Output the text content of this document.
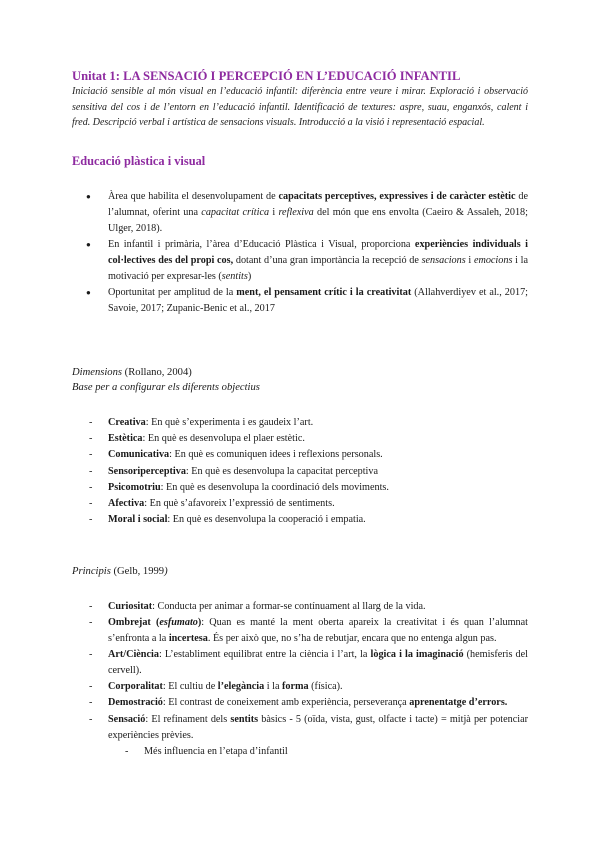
Unitat 1: LA SENSACIÓ I PERCEPCIÓ EN L’EDUCACIÓ INFANTIL

Iniciació sensible al món visual en l’educació infantil: diferència entre veure i mirar. Exploració i observació sensitiva del cos i de l’entorn en l’educació infantil. Identificació de textures: aspre, suau, enganxós, calent i fred. Descripció verbal i artística de sensacions visuals. Introducció a la visió i representació espacial.

Educació plàstica i visual
● Àrea que habilita el desenvolupament de capacitats perceptives, expressives i de caràcter estètic de l’alumnat, oferint una capacitat crítica i reflexiva del món que ens envolta (Caeiro & Assaleh, 2018; Ulger, 2018).
● En infantil i primària, l’àrea d’Educació Plàstica i Visual, proporciona experiències individuals i col·lectives des del propi cos, dotant d’una gran importància la recepció de sensacions i emocions i la motivació per expresar-les (sentits)
● Oportunitat per amplitud de la ment, el pensament crític i la creativitat (Allahverdiyev et al., 2017; Savoie, 2017; Zupanic-Benic et al., 2017
Dimensions (Rollano, 2004)
Base per a configurar els diferents objectius
- Creativa: En què s’experimenta i es gaudeix l’art.
- Estètica: En què es desenvolupa el plaer estètic.
- Comunicativa: En què es comuniquen idees i reflexions personals.
- Sensoriperceptiva: En què es desenvolupa la capacitat perceptiva
- Psicomotriu: En què es desenvolupa la coordinació dels moviments.
- Afectiva: En què s’afavoreix l’expressió de sentiments.
- Moral i social: En què es desenvolupa la cooperació i empatia.
Principis (Gelb, 1999)
- Curiositat: Conducta per animar a formar-se contínuament al llarg de la vida.
- Ombrejat (esfumato): Quan es manté la ment oberta apareix la creativitat i és quan l’alumnat s’enfronta a la incertesa. És per això que, no s’ha de rebutjar, encara que no entenga algun pas.
- Art/Ciència: L’establiment equilibrat entre la ciència i l’art, la lògica i la imaginació (hemisferis del cervell).
- Corporalitat: El cultiu de l’elegància i la forma (física).
- Demostració: El contrast de coneixement amb experiència, perseverança aprenentatge d’errors.
- Sensació: El refinament dels sentits bàsics - 5 (oïda, vista, gust, olfacte i tacte) = mitjà per potenciar experiències prèvies.
- Més influencia en l’etapa d’infantil
